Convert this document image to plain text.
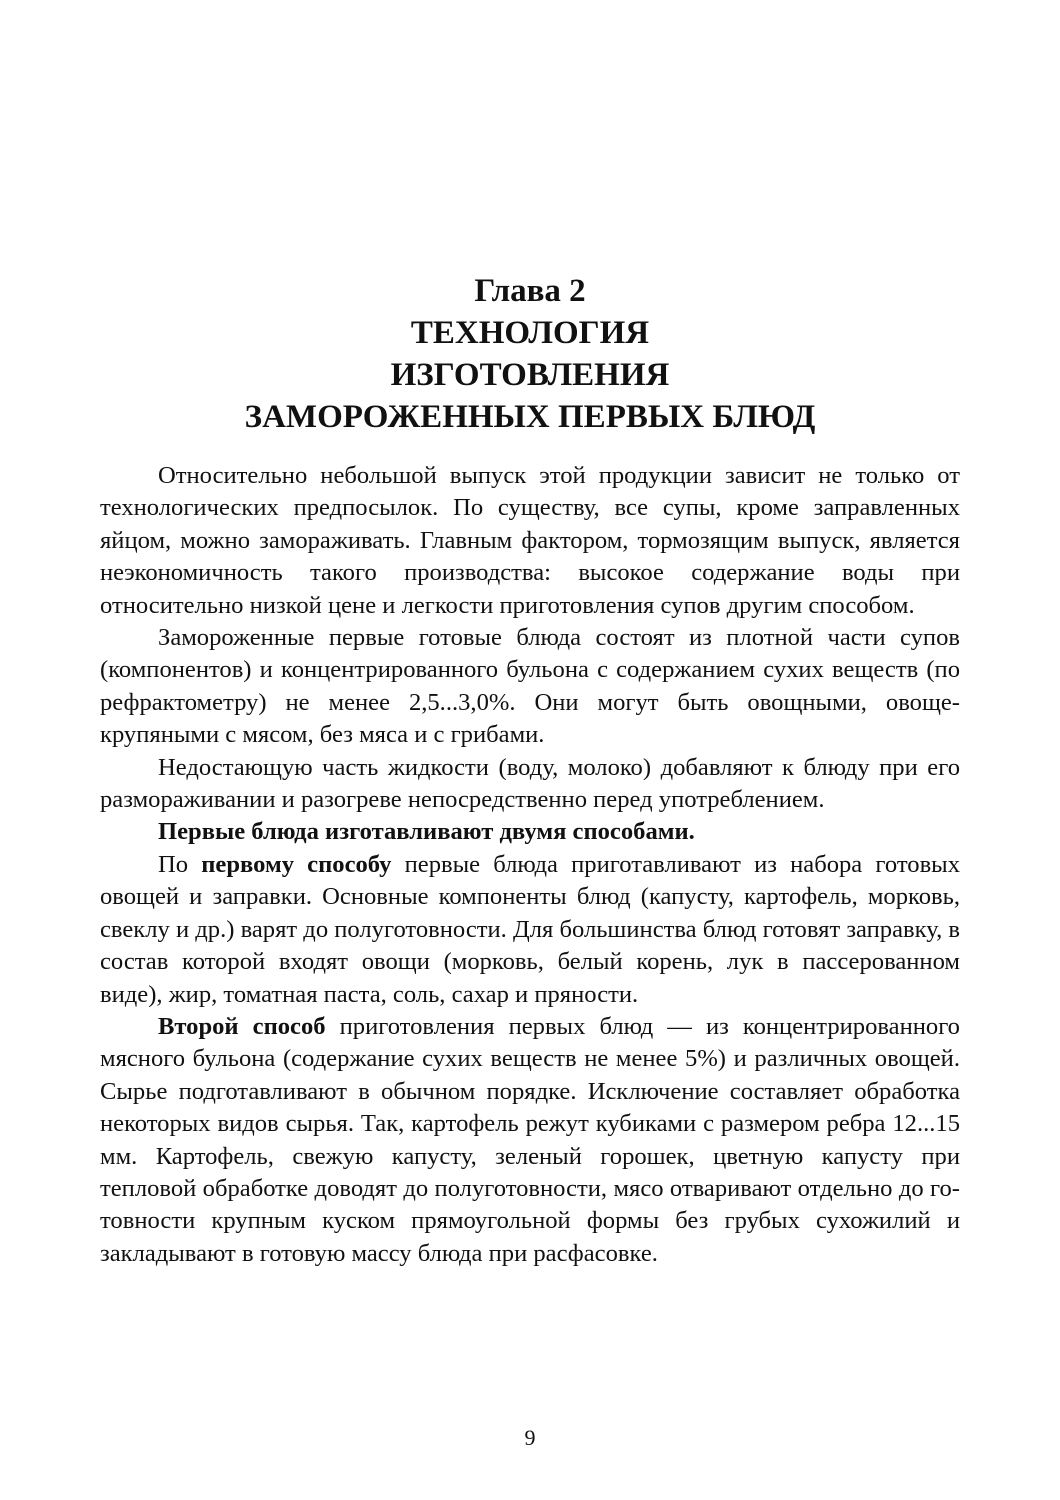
Глава 2
ТЕХНОЛОГИЯ
ИЗГОТОВЛЕНИЯ
ЗАМОРОЖЕННЫХ ПЕРВЫХ БЛЮД

Относительно небольшой выпуск этой продукции зависит не только от технологических предпосылок. По существу, все супы, кроме заправленных яйцом, можно замораживать. Главным фактором, тормозящим выпуск, является неэкономичность такого производства: высокое содержание воды при относительно низкой цене и легкости приготовления супов другим способом.

Замороженные первые готовые блюда состоят из плотной части супов (компонентов) и концентрированного бульона с содержанием сухих веществ (по рефрактометру) не менее 2,5...3,0%. Они могут быть овощными, овоще-крупяными с мясом, без мяса и с грибами.

Недостающую часть жидкости (воду, молоко) добавляют к блюду при его размораживании и разогреве непосредственно перед употреблением.

Первые блюда изготавливают двумя способами.

По первому способу первые блюда приготавливают из набора готовых овощей и заправки. Основные компоненты блюд (капусту, картофель, морковь, свеклу и др.) варят до полуготовности. Для большинства блюд готовят заправку, в состав которой входят овощи (морковь, белый корень, лук в пассерованном виде), жир, томатная паста, соль, сахар и пряности.

Второй способ приготовления первых блюд — из концентрированного мясного бульона (содержание сухих веществ не менее 5%) и различных овощей. Сырье подготавливают в обычном порядке. Исключение составляет обработка некоторых видов сырья. Так, картофель режут кубиками с размером ребра 12...15 мм. Картофель, свежую капусту, зеленый горошек, цветную капусту при тепловой обработке доводят до полуготовности, мясо отваривают отдельно до готовности крупным куском прямоугольной формы без грубых сухожилий и закладывают в готовую массу блюда при расфасовке.

9
